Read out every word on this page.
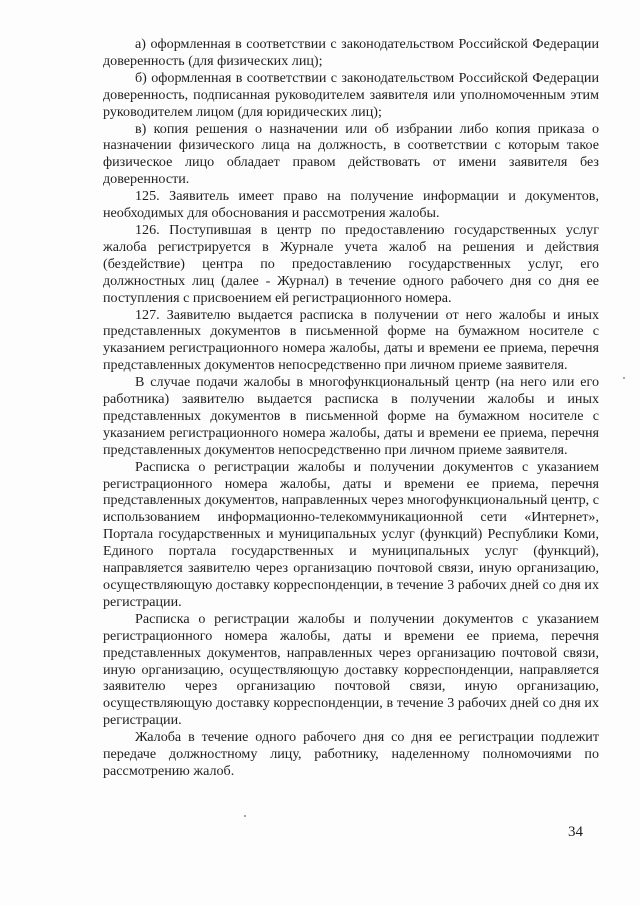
а) оформленная в соответствии с законодательством Российской Федерации доверенность (для физических лиц);

б) оформленная в соответствии с законодательством Российской Федерации доверенность, подписанная руководителем заявителя или уполномоченным этим руководителем лицом (для юридических лиц);

в) копия решения о назначении или об избрании либо копия приказа о назначении физического лица на должность, в соответствии с которым такое физическое лицо обладает правом действовать от имени заявителя без доверенности.

125. Заявитель имеет право на получение информации и документов, необходимых для обоснования и рассмотрения жалобы.

126. Поступившая в центр по предоставлению государственных услуг жалоба регистрируется в Журнале учета жалоб на решения и действия (бездействие) центра по предоставлению государственных услуг, его должностных лиц (далее - Журнал) в течение одного рабочего дня со дня ее поступления с присвоением ей регистрационного номера.

127. Заявителю выдается расписка в получении от него жалобы и иных представленных документов в письменной форме на бумажном носителе с указанием регистрационного номера жалобы, даты и времени ее приема, перечня представленных документов непосредственно при личном приеме заявителя.

В случае подачи жалобы в многофункциональный центр (на него или его работника) заявителю выдается расписка в получении жалобы и иных представленных документов в письменной форме на бумажном носителе с указанием регистрационного номера жалобы, даты и времени ее приема, перечня представленных документов непосредственно при личном приеме заявителя.

Расписка о регистрации жалобы и получении документов с указанием регистрационного номера жалобы, даты и времени ее приема, перечня представленных документов, направленных через многофункциональный центр, с использованием информационно-телекоммуникационной сети «Интернет», Портала государственных и муниципальных услуг (функций) Республики Коми, Единого портала государственных и муниципальных услуг (функций), направляется заявителю через организацию почтовой связи, иную организацию, осуществляющую доставку корреспонденции, в течение 3 рабочих дней со дня их регистрации.

Расписка о регистрации жалобы и получении документов с указанием регистрационного номера жалобы, даты и времени ее приема, перечня представленных документов, направленных через организацию почтовой связи, иную организацию, осуществляющую доставку корреспонденции, направляется заявителю через организацию почтовой связи, иную организацию, осуществляющую доставку корреспонденции, в течение 3 рабочих дней со дня их регистрации.

Жалоба в течение одного рабочего дня со дня ее регистрации подлежит передаче должностному лицу, работнику, наделенному полномочиями по рассмотрению жалоб.

34
